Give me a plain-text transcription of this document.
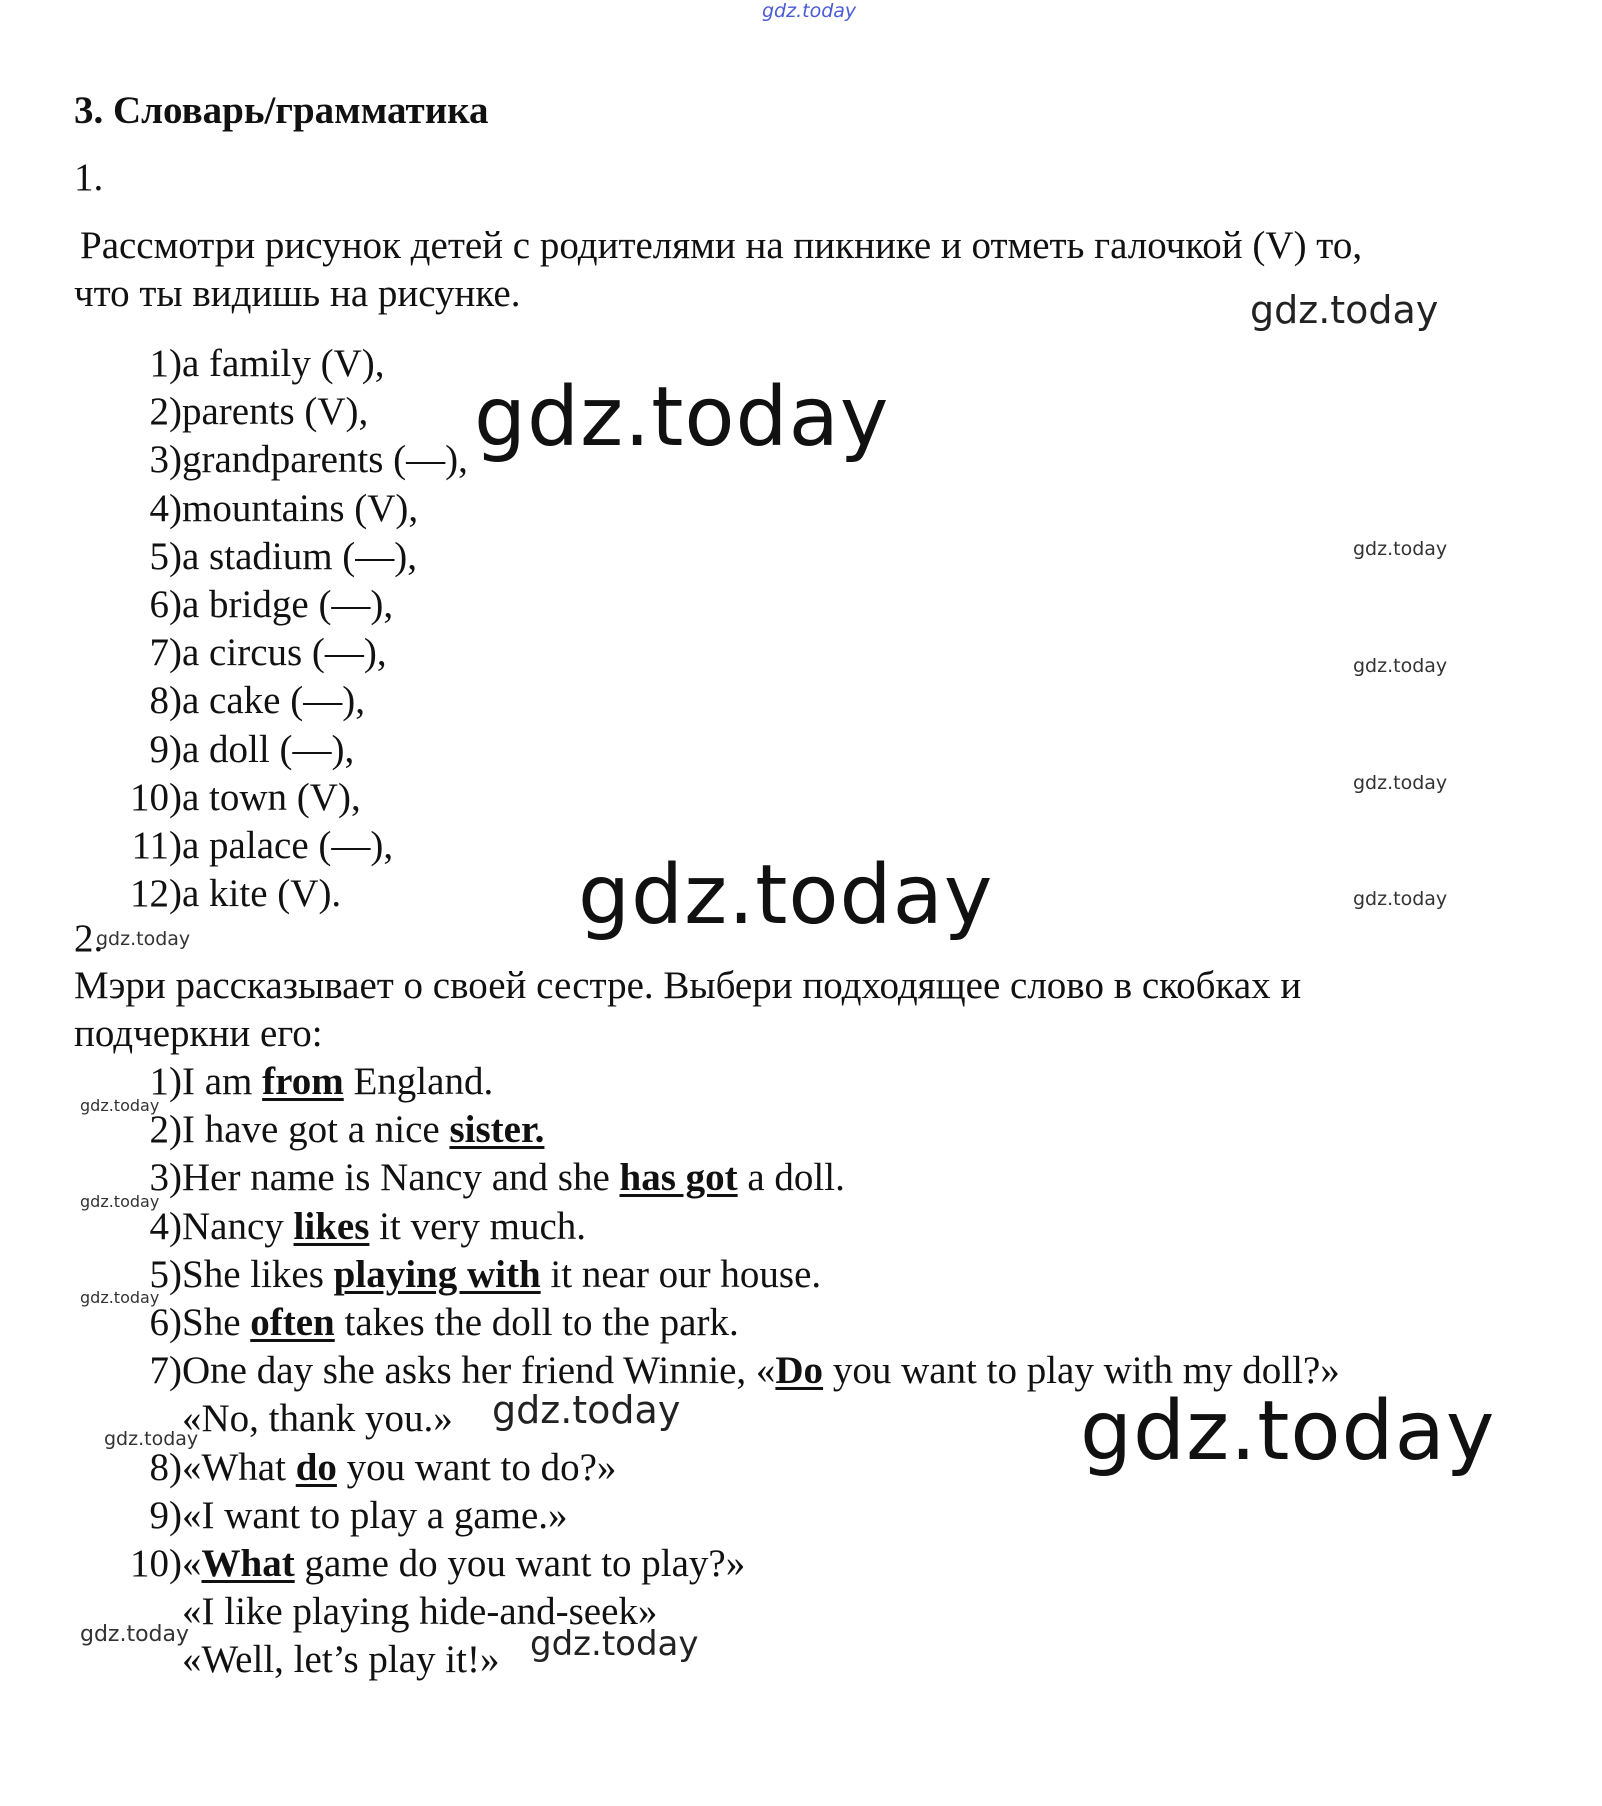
gdz.today
3. Словарь/грамматика
1.
Рассмотри рисунок детей с родителями на пикнике и отметь галочкой (V) то,
что ты видишь на рисунке.
1) a family (V),
2) parents (V),
3) grandparents (—),
4) mountains (V),
5) a stadium (—),
6) a bridge (—),
7) a circus (—),
8) a cake (—),
9) a doll (—),
10) a town (V),
11) a palace (—),
12) a kite (V).
2.
Мэри рассказывает о своей сестре. Выбери подходящее слово в скобках и
подчеркни его:
1) I am from England.
2) I have got a nice sister.
3) Her name is Nancy and she has got a doll.
4) Nancy likes it very much.
5) She likes playing with it near our house.
6) She often takes the doll to the park.
7) One day she asks her friend Winnie, «Do you want to play with my doll?»
«No, thank you.»
8) «What do you want to do?»
9) «I want to play a game.»
10) «What game do you want to play?»
«I like playing hide-and-seek»
«Well, let’s play it!»
gdz.today
gdz.today
gdz.today
gdz.today
gdz.today
gdz.today
gdz.today
gdz.today
gdz.today
gdz.today
gdz.today
gdz.today
gdz.today	gdz.today
gdz.today	gdz.today
